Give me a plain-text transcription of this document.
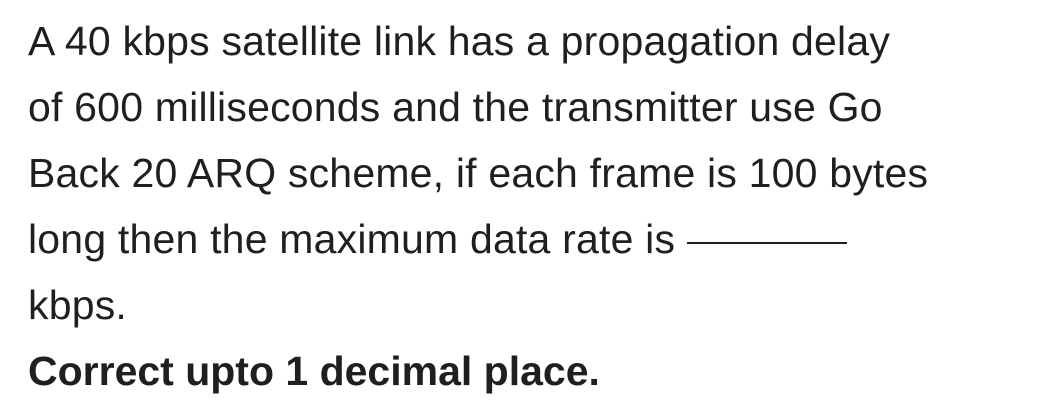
A 40 kbps satellite link has a propagation delay
of 600 milliseconds and the transmitter use Go
Back 20 ARQ scheme, if each frame is 100 bytes
long then the maximum data rate is
kbps.
Correct upto 1 decimal place.
